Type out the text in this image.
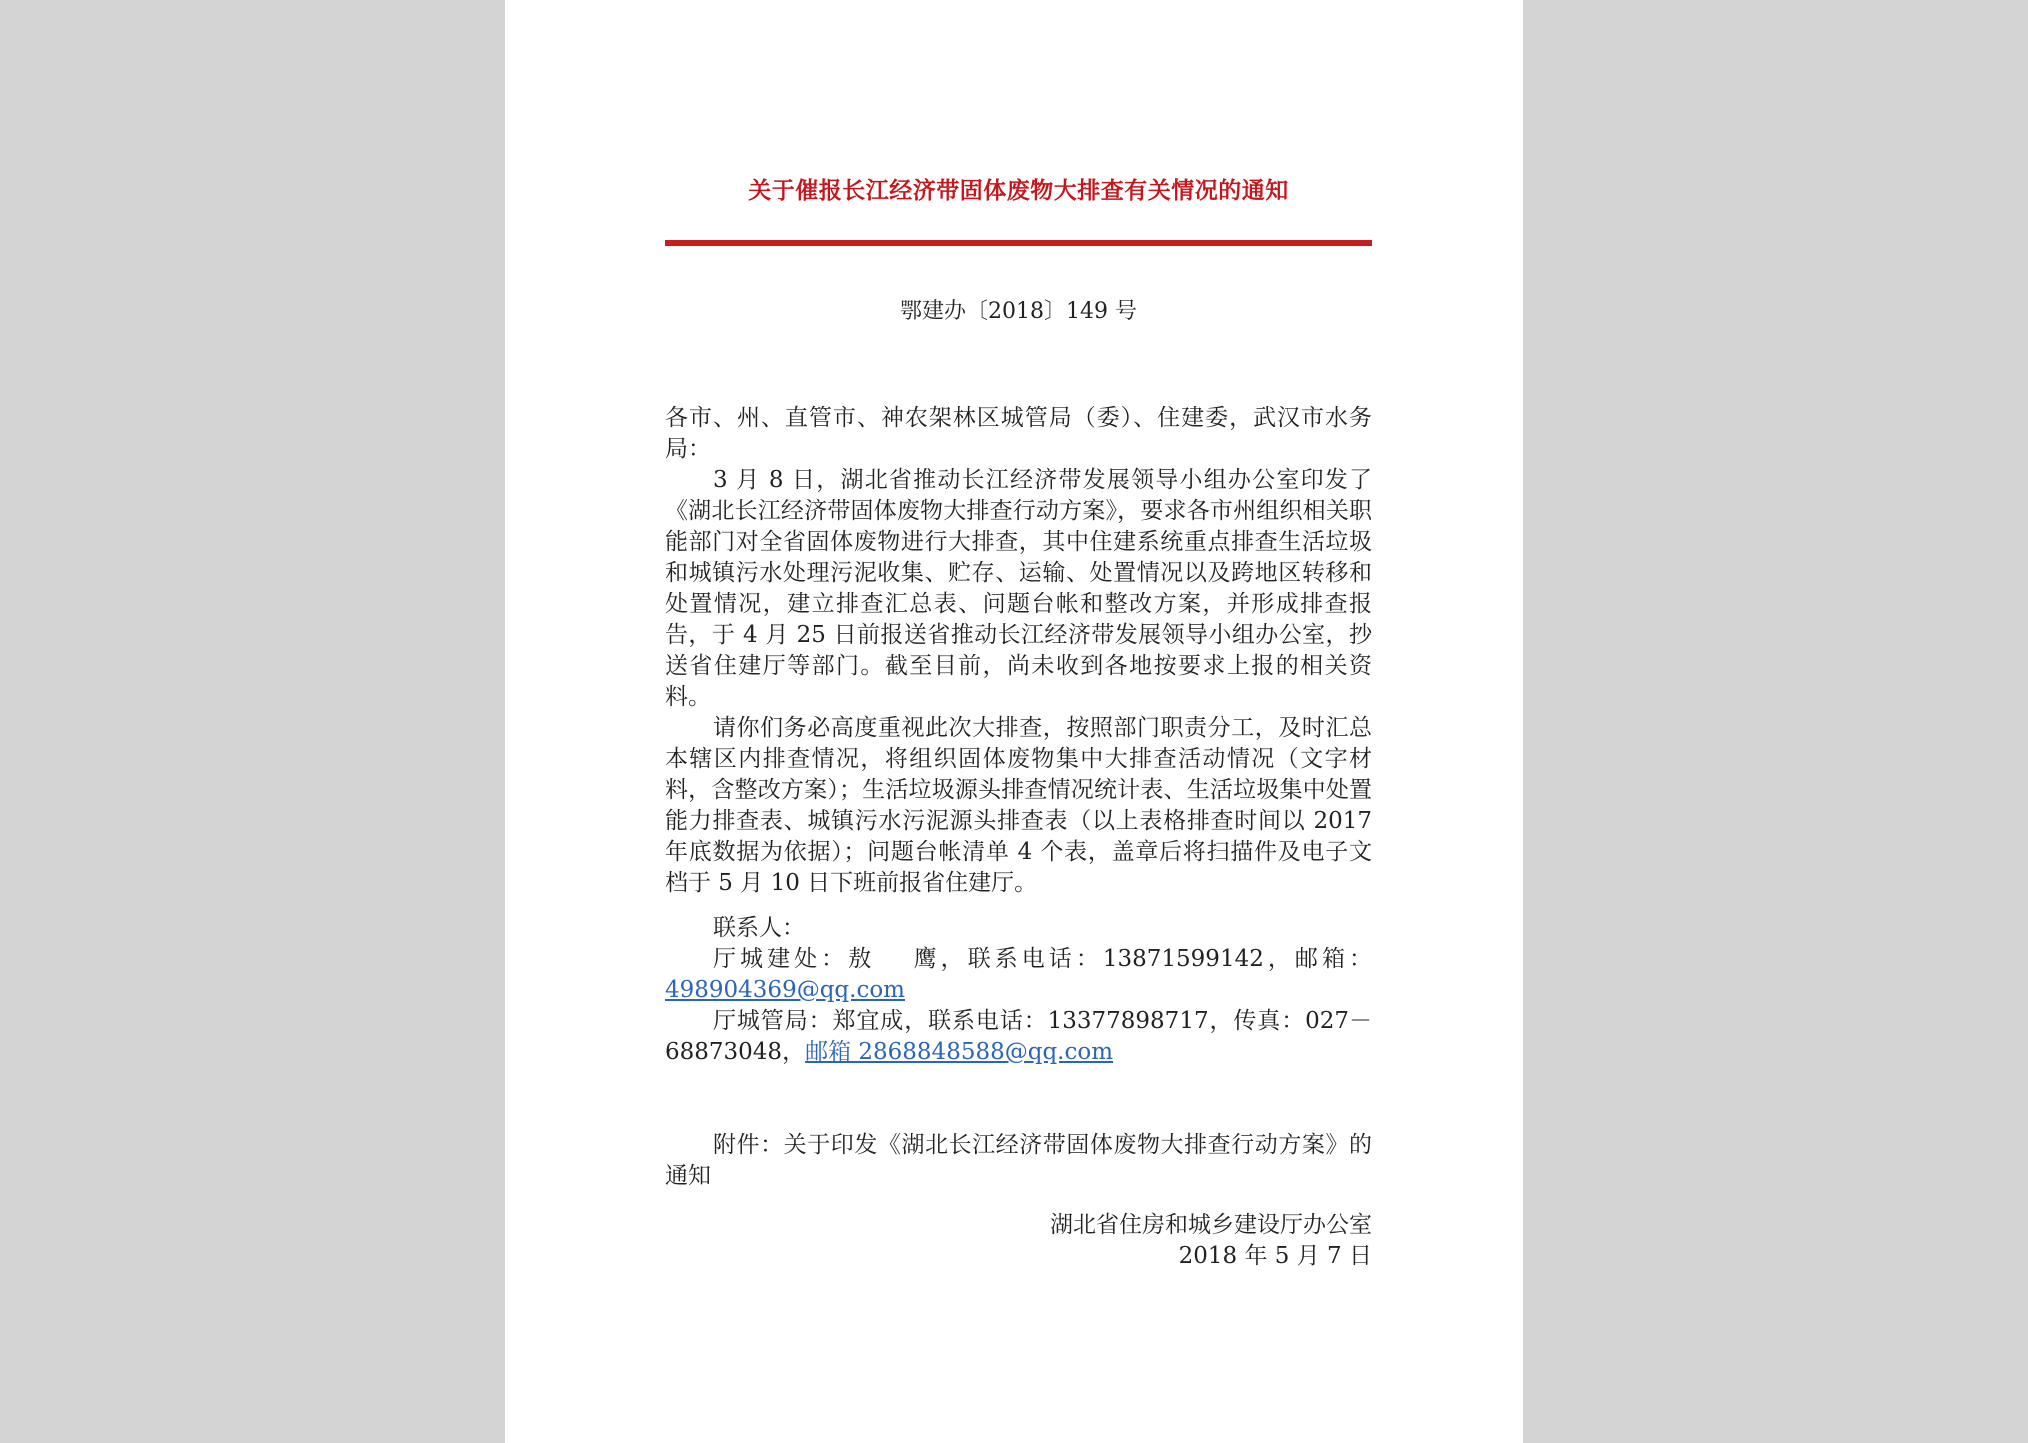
关于催报长江经济带固体废物大排查有关情况的通知
鄂建办〔2018〕149 号

各市、州、直管市、神农架林区城管局（委）、住建委，武汉市水务局：

3 月 8 日，湖北省推动长江经济带发展领导小组办公室印发了《湖北长江经济带固体废物大排查行动方案》，要求各市州组织相关职能部门对全省固体废物进行大排查，其中住建系统重点排查生活垃圾和城镇污水处理污泥收集、贮存、运输、处置情况以及跨地区转移和处置情况，建立排查汇总表、问题台帐和整改方案，并形成排查报告，于 4 月 25 日前报送省推动长江经济带发展领导小组办公室，抄送省住建厅等部门。截至目前，尚未收到各地按要求上报的相关资料。

请你们务必高度重视此次大排查，按照部门职责分工，及时汇总本辖区内排查情况，将组织固体废物集中大排查活动情况（文字材料，含整改方案）；生活垃圾源头排查情况统计表、生活垃圾集中处置能力排查表、城镇污水污泥源头排查表（以上表格排查时间以 2017 年底数据为依据）；问题台帐清单 4 个表，盖章后将扫描件及电子文档于 5 月 10 日下班前报省住建厅。

联系人：

厅城建处：敖　 鹰，联系电话：13871599142，邮箱：498904369@qq.com

厅城管局：郑宜成，联系电话：13377898717，传真：027－68873048，邮箱 2868848588@qq.com

附件：关于印发《湖北长江经济带固体废物大排查行动方案》的通知

湖北省住房和城乡建设厅办公室

2018 年 5 月 7 日
